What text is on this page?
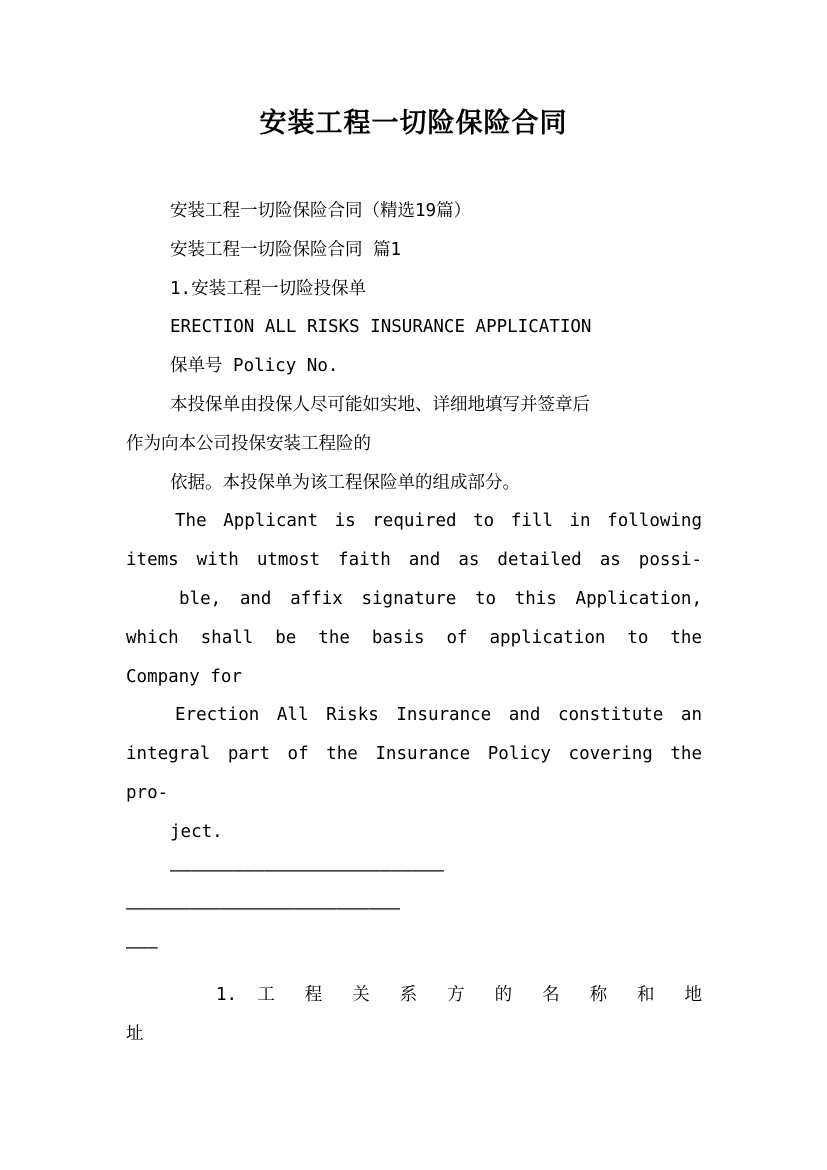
安装工程一切险保险合同
安装工程一切险保险合同（精选19篇）
安装工程一切险保险合同 篇1
1.安装工程一切险投保单
ERECTION ALL RISKS INSURANCE APPLICATION
保单号 Policy No.
本投保单由投保人尽可能如实地、详细地填写并签章后
作为向本公司投保安装工程险的
依据。本投保单为该工程保险单的组成部分。
The Applicant is required to fill in following
items with utmost faith and as detailed as possi-
ble, and affix signature to this Application,
which shall be the basis of application to the
Company for
Erection All Risks Insurance and constitute an
integral part of the Insurance Policy covering the
pro-
ject.
——————————————————————————
——————————————————————————
———
1. 工 程 关 系 方 的 名 称 和 地
址
